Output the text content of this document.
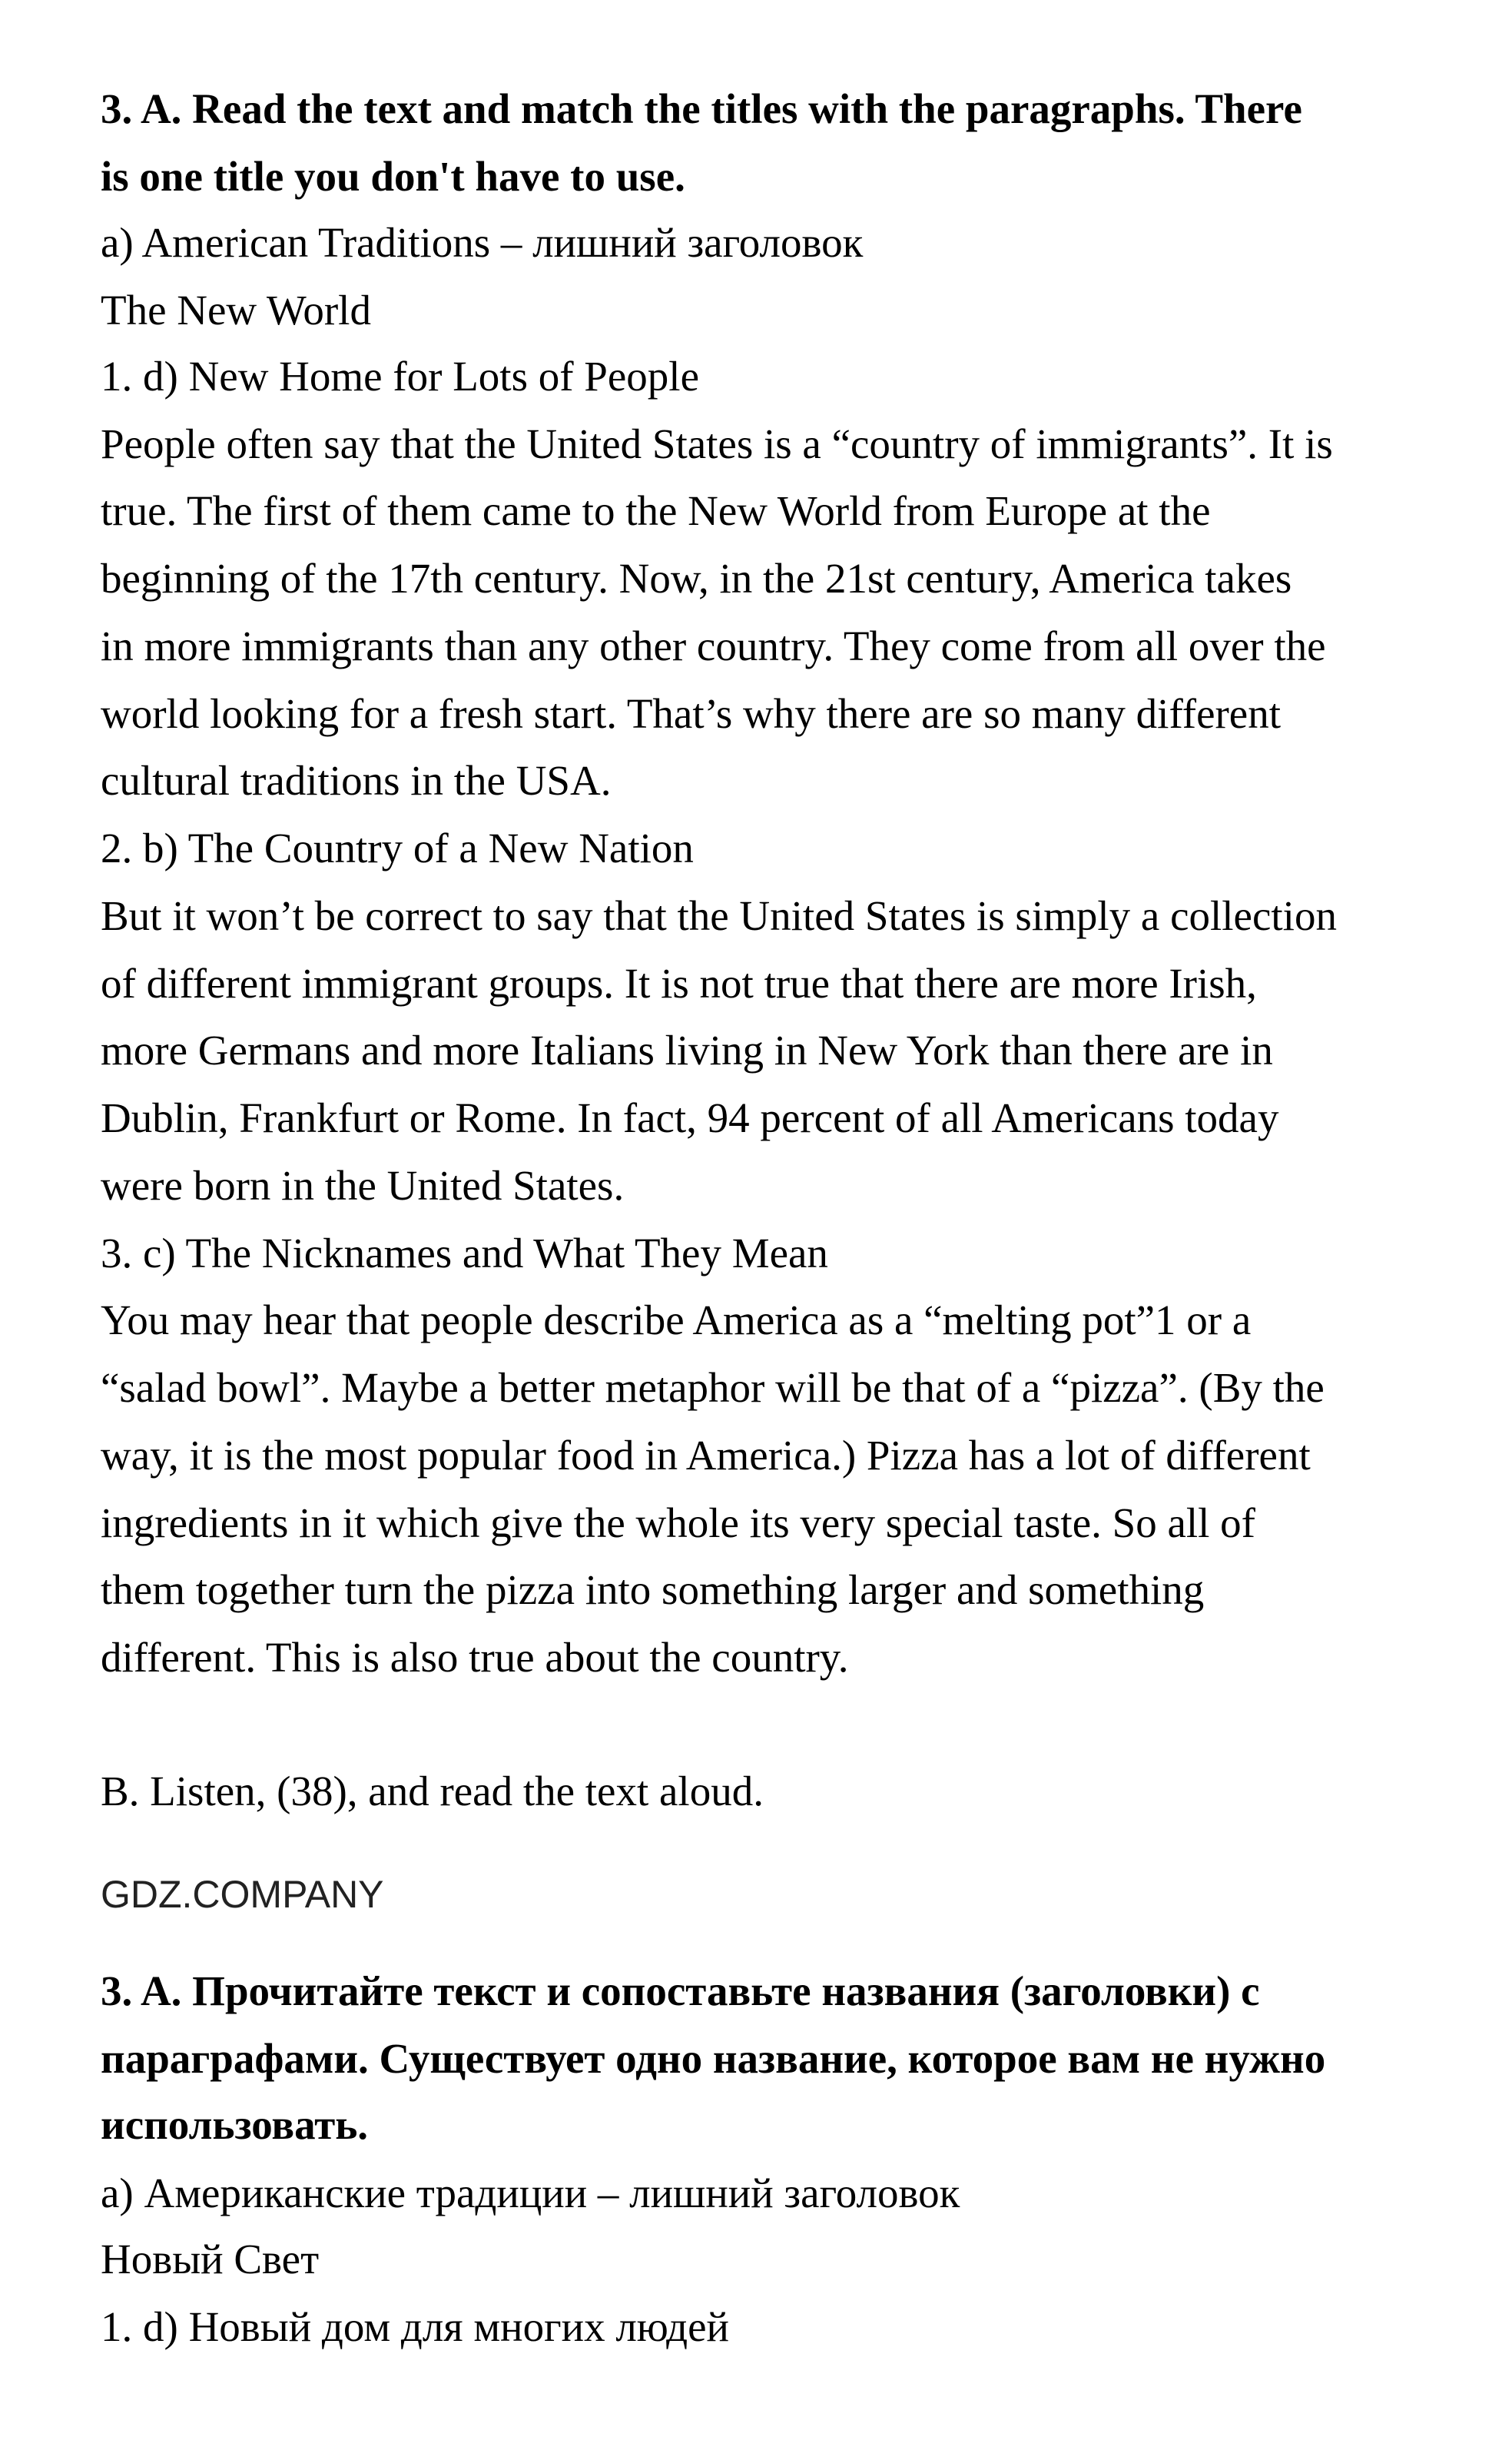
3. A. Read the text and match the titles with the paragraphs. There
is one title you don't have to use.
a) American Traditions – лишний заголовок
The New World
1. d) New Home for Lots of People
People often say that the United States is a “country of immigrants”. It is
true. The first of them came to the New World from Europe at the
beginning of the 17th century. Now, in the 21st century, America takes
in more immigrants than any other country. They come from all over the
world looking for a fresh start. That’s why there are so many different
cultural traditions in the USA.
2. b) The Country of a New Nation
But it won’t be correct to say that the United States is simply a collection
of different immigrant groups. It is not true that there are more Irish,
more Germans and more Italians living in New York than there are in
Dublin, Frankfurt or Rome. In fact, 94 percent of all Americans today
were born in the United States.
3. c) The Nicknames and What They Mean
You may hear that people describe America as a “melting pot”1 or a
“salad bowl”. Maybe a better metaphor will be that of a “pizza”. (By the
way, it is the most popular food in America.) Pizza has a lot of different
ingredients in it which give the whole its very special taste. So all of
them together turn the pizza into something larger and something
different. This is also true about the country.
B. Listen, (38), and read the text aloud.
3. A. Прочитайте текст и сопоставьте названия (заголовки) с
параграфами. Существует одно название, которое вам не нужно
использовать.
a) Американские традиции – лишний заголовок
Новый Свет
1. d) Новый дом для многих людей
GDZ.COMPANY
